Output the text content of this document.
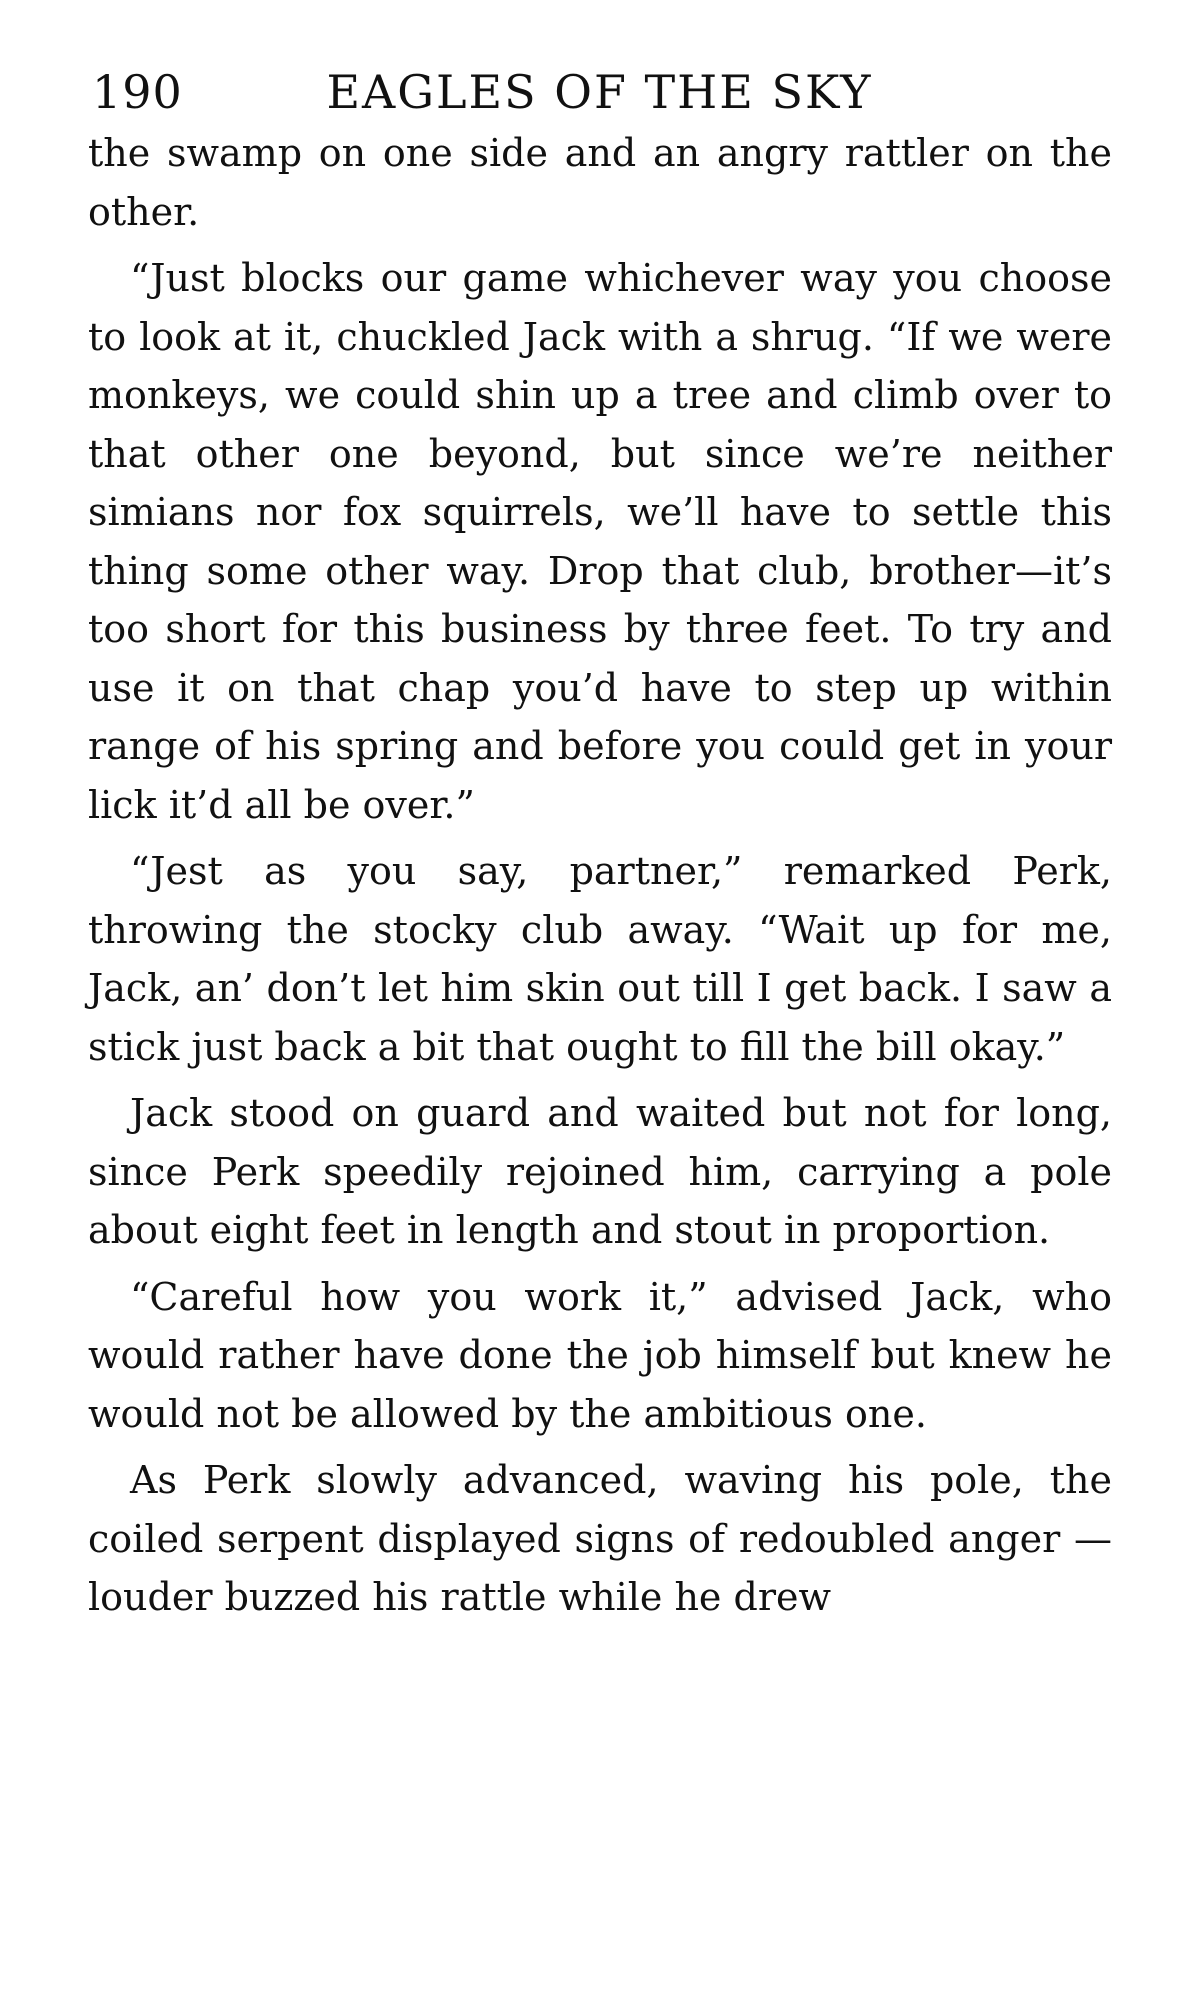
190	EAGLES OF THE SKY

the swamp on one side and an angry rattler on the other.

“Just blocks our game whichever way you choose to look at it, chuckled Jack with a shrug. “If we were monkeys, we could shin up a tree and climb over to that other one beyond, but since we’re neither simians nor fox squirrels, we’ll have to settle this thing some other way. Drop that club, brother—it’s too short for this business by three feet. To try and use it on that chap you’d have to step up within range of his spring and before you could get in your lick it’d all be over.”

“Jest as you say, partner,” remarked Perk, throwing the stocky club away. “Wait up for me, Jack, an’ don’t let him skin out till I get back. I saw a stick just back a bit that ought to fill the bill okay.”

Jack stood on guard and waited but not for long, since Perk speedily rejoined him, carrying a pole about eight feet in length and stout in proportion.

“Careful how you work it,” advised Jack, who would rather have done the job himself but knew he would not be allowed by the ambitious one.

As Perk slowly advanced, waving his pole, the coiled serpent displayed signs of redoubled anger — louder buzzed his rattle while he drew
